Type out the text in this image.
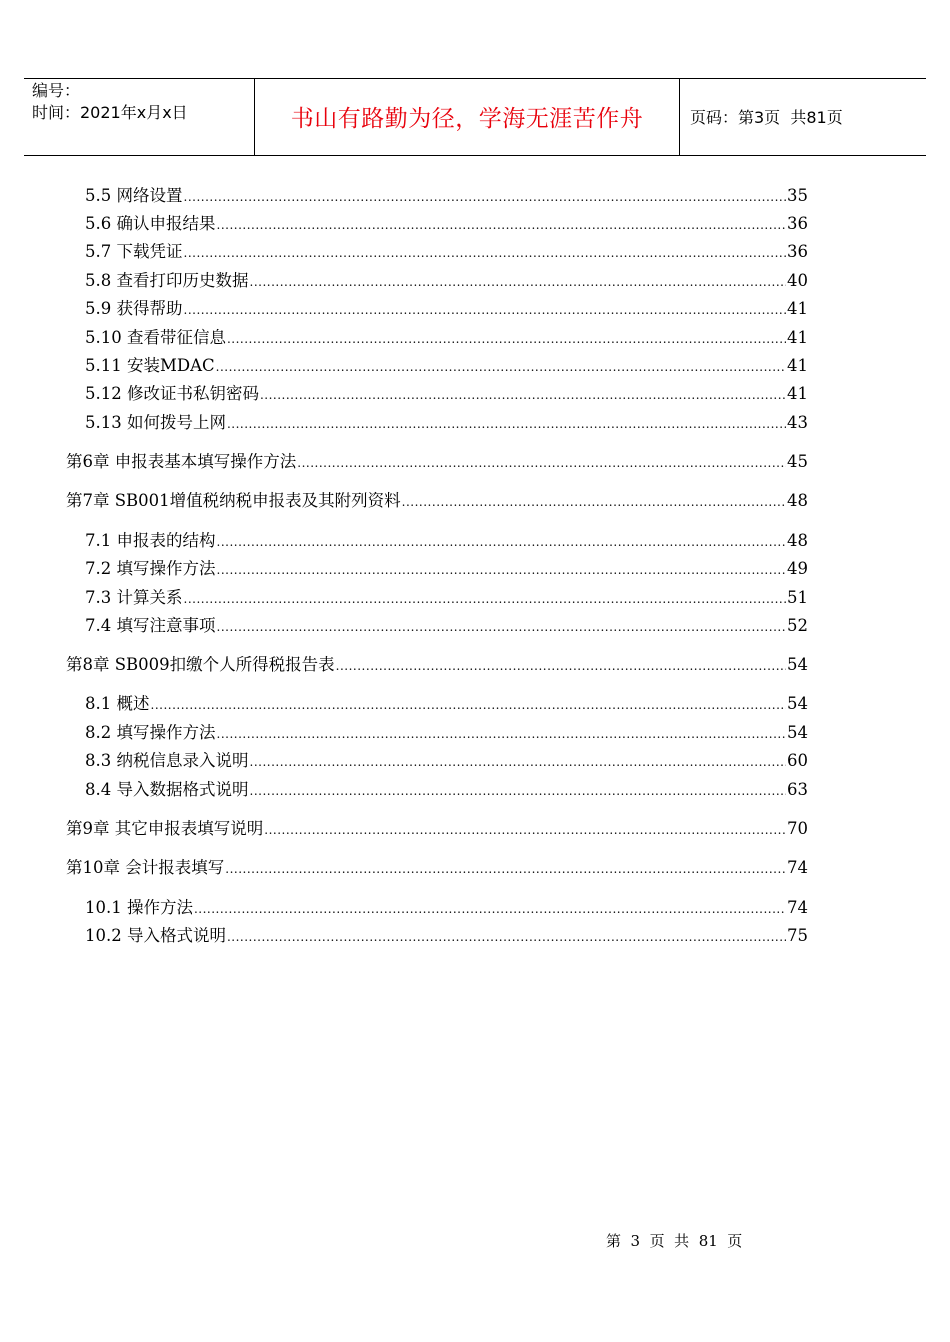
编号：
时间：2021年x月x日	书山有路勤为径，学海无涯苦作舟	页码：第3页  共81页
5.5 网络设置 .....	35
5.6 确认申报结果 .....	36
5.7 下载凭证 .....	36
5.8 查看打印历史数据 .....	40
5.9 获得帮助 .....	41
5.10 查看带征信息 .....	41
5.11 安装MDAC .....	41
5.12 修改证书私钥密码 .....	41
5.13 如何拨号上网 .....	43
第6章 申报表基本填写操作方法 .....	45
第7章 SB001增值税纳税申报表及其附列资料 .....	48
7.1 申报表的结构 .....	48
7.2 填写操作方法 .....	49
7.3 计算关系 .....	51
7.4 填写注意事项 .....	52
第8章 SB009扣缴个人所得税报告表 .....	54
8.1 概述 .....	54
8.2 填写操作方法 .....	54
8.3 纳税信息录入说明 .....	60
8.4 导入数据格式说明 .....	63
第9章 其它申报表填写说明 .....	70
第10章 会计报表填写 .....	74
10.1 操作方法 .....	74
10.2 导入格式说明 .....	75
第  3  页  共  81  页
